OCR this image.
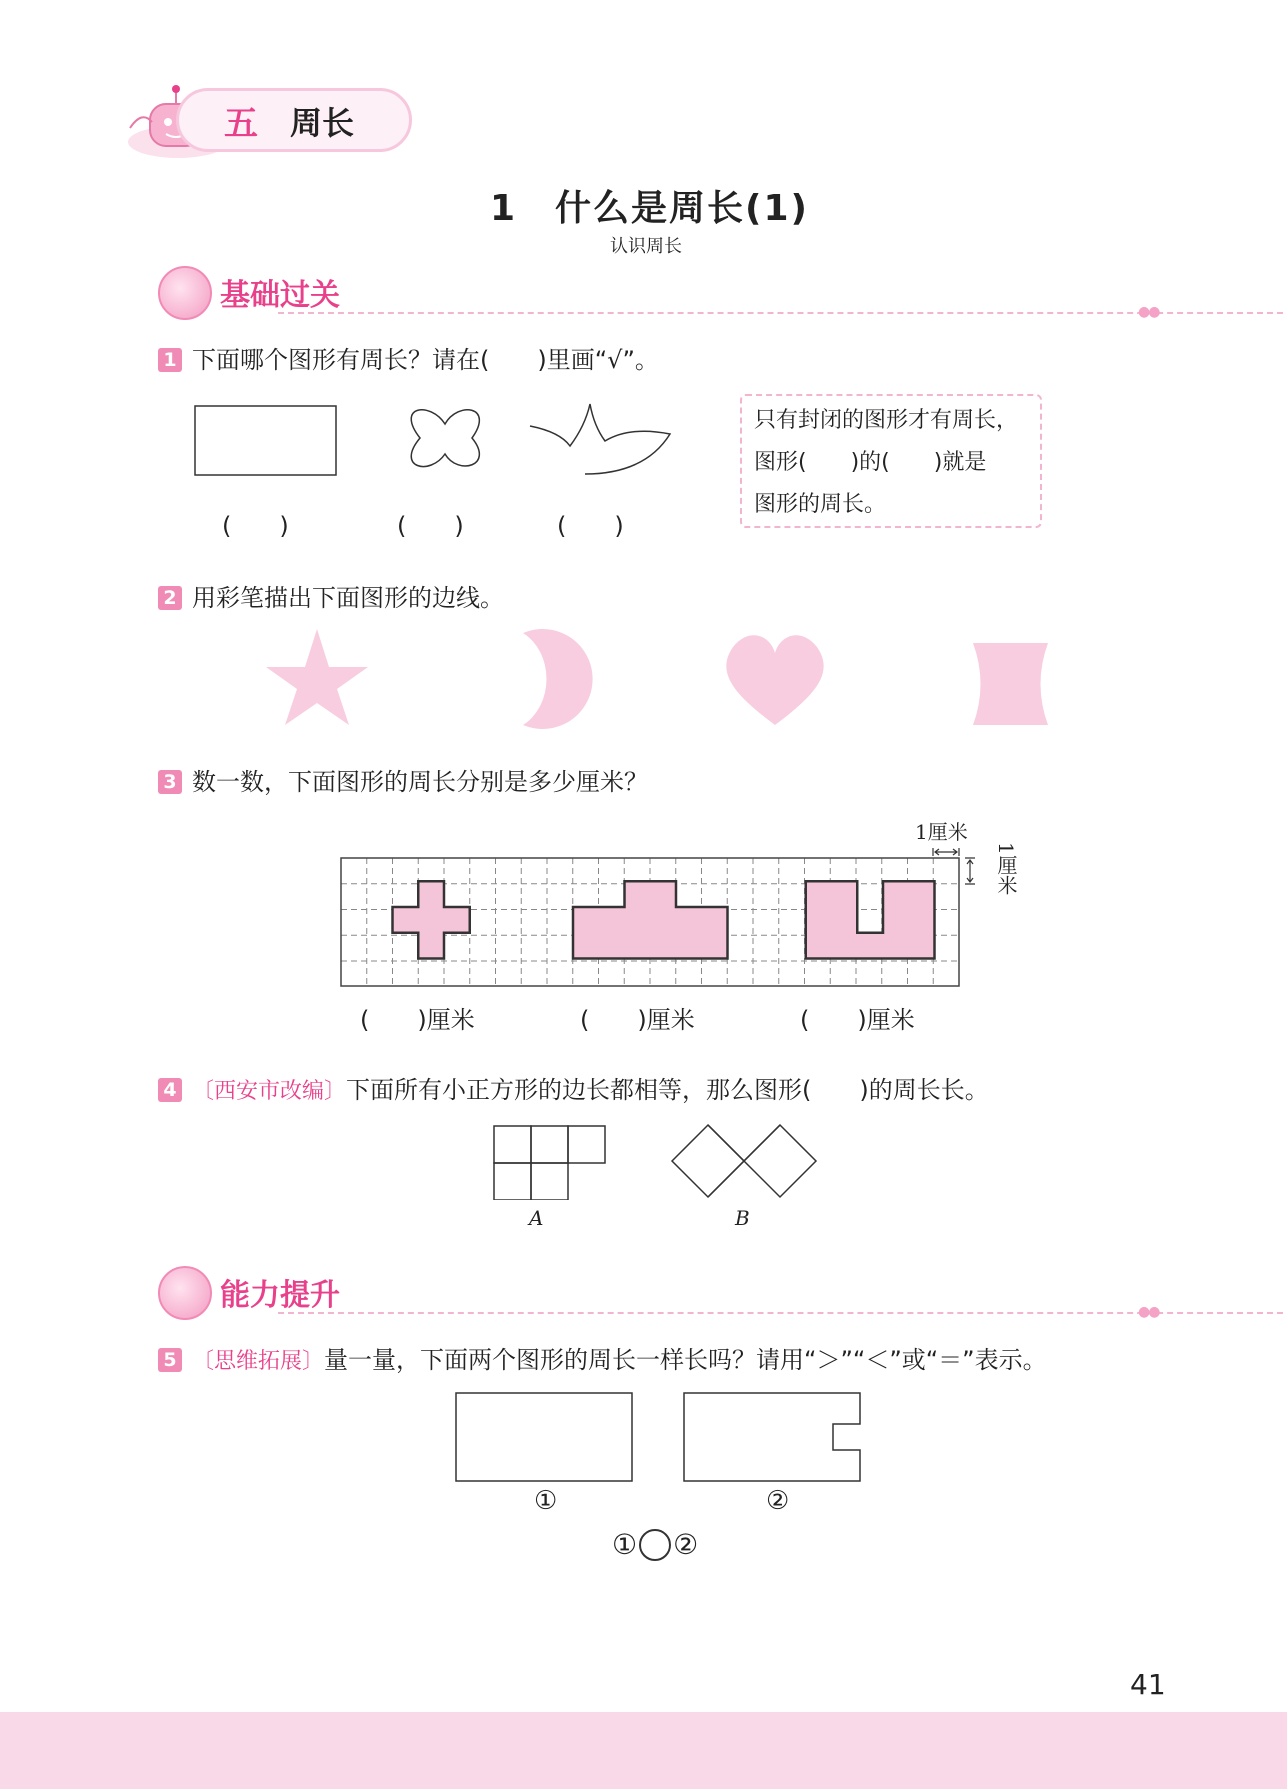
五 周长
1　什么是周长(1)
认识周长
基础过关	●●
1 下面哪个图形有周长？请在(　　)里画“√”。
(　　)	(　　)	(　　)
只有封闭的图形才有周长，
图形(　　)的(　　)就是
图形的周长。
2 用彩笔描出下面图形的边线。
3 数一数，下面图形的周长分别是多少厘米？
1厘米
1厘米
(　　)厘米	(　　)厘米	(　　)厘米
4 〔西安市改编〕下面所有小正方形的边长都相等，那么图形(　　)的周长长。
A	B
能力提升	●●
5 〔思维拓展〕量一量，下面两个图形的周长一样长吗？请用“＞”“＜”或“＝”表示。
①	②
① ②
41
